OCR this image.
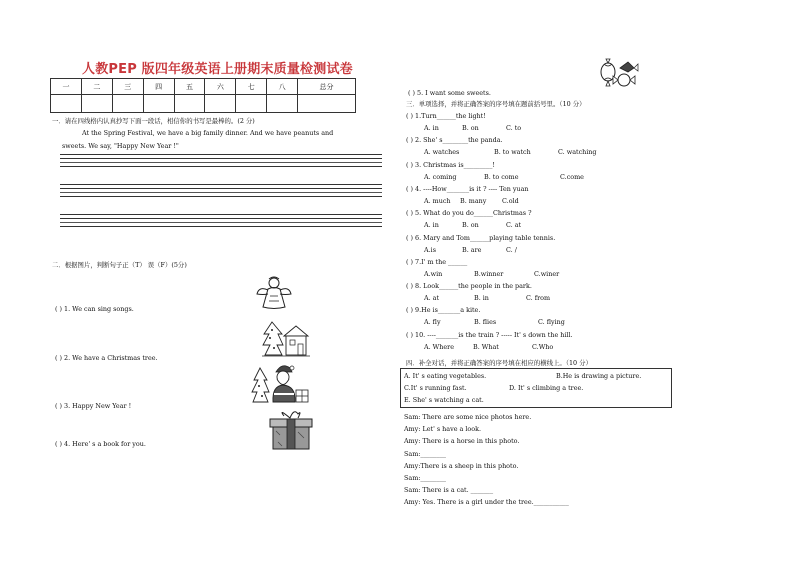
人教PEP 版四年级英语上册期末质量检测试卷
一	二	三	四	五	六	七	八	总分

一．请在四线格内认真抄写下面一段话，相信你的书写是最棒的。(2 分)
At the Spring Festival, we have a big family dinner. And we have peanuts and
sweets. We say, "Happy New Year !"
二．根据图片，判断句子正（T） 误（F）(5分)
( ) 1. We can sing songs.
( ) 2. We have a Christmas tree.
( ) 3. Happy New Year !
( ) 4. Here' s a book for you.
( ) 5. I want some sweets.
三．单项选择，并将正确答案的序号填在题前括号里。（10 分）
( ) 1.Turn______the light!
A. in	B. on	C. to
( ) 2. She' s________the panda.
A. watches	B. to watch	C. watching
( ) 3. Christmas is_________!
A. coming	B. to come	C.come
( ) 4. ----How_______is it ? ---- Ten yuan
A. much B. many C.old
( ) 5. What do you do______Christmas ?
A. in	B. on	C. at
( ) 6. Mary and Tom______playing table tennis.
A.is	B. are	C. /
( ) 7.I' m the ______
A.win	B.winner	C.winer
( ) 8. Look______the people in the park.
A. at	B. in	C. from
( ) 9.He is_______a kite.
A. fly	B. flies	C. flying
( ) 10. ----_______is the train ? ----- It' s down the hill.
A. Where	B. What	C.Who
四．补全对话，并将正确答案的序号填在相应的横线上。（10 分）
A. It' s eating vegetables.	B.He is drawing a picture.
C.It' s running fast.	D. It' s climbing a tree.
E. She' s watching a cat.
Sam: There are some nice photos here.
Amy: Let' s have a look.
Amy: There is a horse in this photo.
Sam:________
Amy:There is a sheep in this photo.
Sam:________
Sam: There is a cat. _______
Amy: Yes. There is a girl under the tree.___________
